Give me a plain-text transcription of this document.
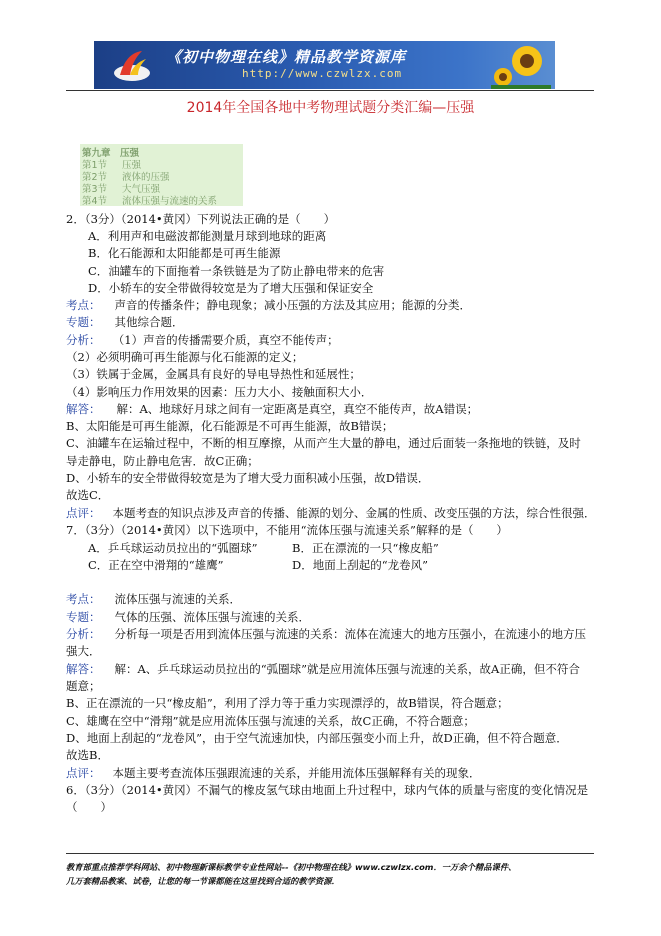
《初中物理在线》精品教学资源库
http://www.czwlzx.com
2014年全国各地中考物理试题分类汇编—压强
第九章　压强
第1节 压强
第2节 液体的压强
第3节 大气压强
第4节 流体压强与流速的关系
2．（3分）（2014•黄冈）下列说法正确的是（　　）
A．利用声和电磁波都能测量月球到地球的距离
B．化石能源和太阳能都是可再生能源
C．油罐车的下面拖着一条铁链是为了防止静电带来的危害
D．小轿车的安全带做得较宽是为了增大压强和保证安全
考点： 声音的传播条件；静电现象；减小压强的方法及其应用；能源的分类．
专题： 其他综合题．
分析： （1）声音的传播需要介质，真空不能传声；
（2）必须明确可再生能源与化石能源的定义；
（3）铁属于金属，金属具有良好的导电导热性和延展性；
（4）影响压力作用效果的因素：压力大小、接触面积大小．
解答： 解：A、地球好月球之间有一定距离是真空，真空不能传声，故A错误；
B、太阳能是可再生能源，化石能源是不可再生能源，故B错误；
C、油罐车在运输过程中，不断的相互摩擦，从而产生大量的静电，通过后面装一条拖地的铁链，及时
导走静电，防止静电危害．故C正确；
D、小轿车的安全带做得较宽是为了增大受力面积减小压强，故D错误．
故选C．
点评： 本题考查的知识点涉及声音的传播、能源的划分、金属的性质、改变压强的方法，综合性很强．
7．（3分）（2014•黄冈）以下选项中，不能用“流体压强与流速关系”解释的是（　　）
A．乒乓球运动员拉出的“弧圈球”	B．正在漂流的一只“橡皮船”
C．正在空中滑翔的“雄鹰”	D．地面上刮起的“龙卷风”
考点： 流体压强与流速的关系．
专题： 气体的压强、流体压强与流速的关系．
分析： 分析每一项是否用到流体压强与流速的关系：流体在流速大的地方压强小，在流速小的地方压
强大．
解答： 解：A、乒乓球运动员拉出的“弧圈球”就是应用流体压强与流速的关系，故A正确，但不符合
题意；
B、正在漂流的一只“橡皮船”，利用了浮力等于重力实现漂浮的，故B错误，符合题意；
C、雄鹰在空中“滑翔”就是应用流体压强与流速的关系，故C正确，不符合题意；
D、地面上刮起的“龙卷风”，由于空气流速加快，内部压强变小而上升，故D正确，但不符合题意．
故选B．
点评： 本题主要考查流体压强跟流速的关系，并能用流体压强解释有关的现象．
6．（3分）（2014•黄冈）不漏气的橡皮氢气球由地面上升过程中，球内气体的质量与密度的变化情况是
（　　）
教育部重点推荐学科网站、初中物理新课标教学专业性网站--《初中物理在线》www.czwlzx.com．一万余个精品课件、
几万套精品教案、试卷，让您的每一节课都能在这里找到合适的教学资源．
